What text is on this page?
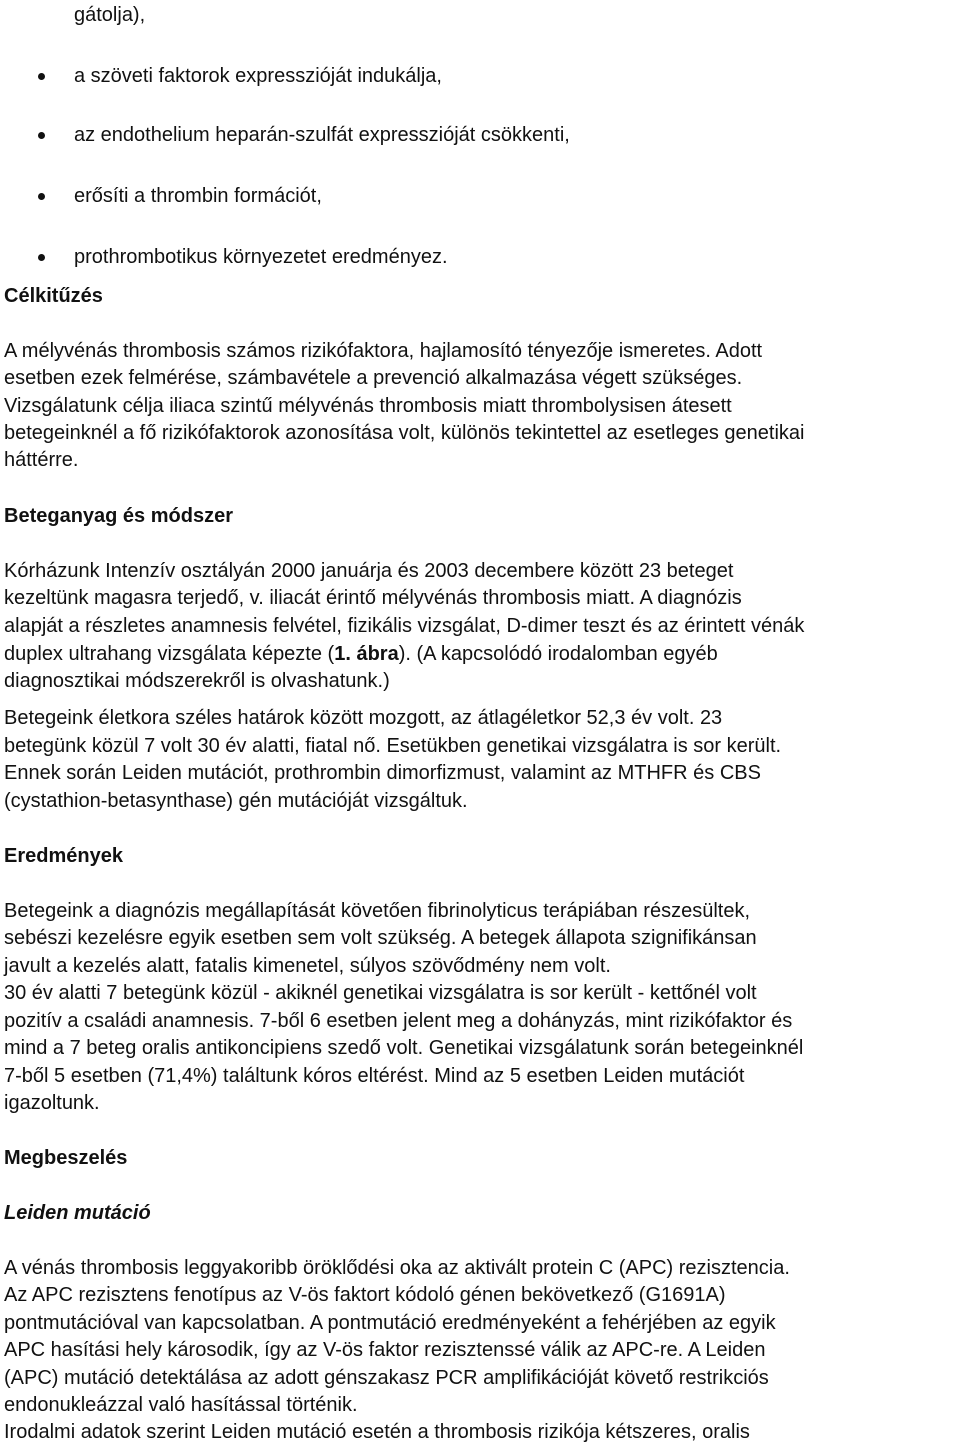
gátolja),
a szöveti faktorok expresszióját indukálja,
az endothelium heparán-szulfát expresszióját csökkenti,
erősíti a thrombin formációt,
prothrombotikus környezetet eredményez.
Célkitűzés
A mélyvénás thrombosis számos rizikófaktora, hajlamosító tényezője ismeretes. Adott
esetben ezek felmérése, számbavétele a prevenció alkalmazása végett szükséges.
Vizsgálatunk célja iliaca szintű mélyvénás thrombosis miatt thrombolysisen átesett
betegeinknél a fő rizikófaktorok azonosítása volt, különös tekintettel az esetleges genetikai
háttérre.
Beteganyag és módszer
Kórházunk Intenzív osztályán 2000 januárja és 2003 decembere között 23 beteget
kezeltünk magasra terjedő, v. iliacát érintő mélyvénás thrombosis miatt. A diagnózis
alapját a részletes anamnesis felvétel, fizikális vizsgálat, D-dimer teszt és az érintett vénák
duplex ultrahang vizsgálata képezte (1. ábra). (A kapcsolódó irodalomban egyéb
diagnosztikai módszerekről is olvashatunk.)
Betegeink életkora széles határok között mozgott, az átlagéletkor 52,3 év volt. 23
betegünk közül 7 volt 30 év alatti, fiatal nő. Esetükben genetikai vizsgálatra is sor került.
Ennek során Leiden mutációt, prothrombin dimorfizmust, valamint az MTHFR és CBS
(cystathion-betasynthase) gén mutációját vizsgáltuk.
Eredmények
Betegeink a diagnózis megállapítását követően fibrinolyticus terápiában részesültek,
sebészi kezelésre egyik esetben sem volt szükség. A betegek állapota szignifikánsan
javult a kezelés alatt, fatalis kimenetel, súlyos szövődmény nem volt.
30 év alatti 7 betegünk közül - akiknél genetikai vizsgálatra is sor került - kettőnél volt
pozitív a családi anamnesis. 7-ből 6 esetben jelent meg a dohányzás, mint rizikófaktor és
mind a 7 beteg oralis antikoncipiens szedő volt. Genetikai vizsgálatunk során betegeinknél
7-ből 5 esetben (71,4%) találtunk kóros eltérést. Mind az 5 esetben Leiden mutációt
igazoltunk.
Megbeszelés
Leiden mutáció
A vénás thrombosis leggyakoribb öröklődési oka az aktivált protein C (APC) rezisztencia.
Az APC rezisztens fenotípus az V-ös faktort kódoló génen bekövetkező (G1691A)
pontmutációval van kapcsolatban. A pontmutáció eredményeként a fehérjében az egyik
APC hasítási hely károsodik, így az V-ös faktor rezisztenssé válik az APC-re. A Leiden
(APC) mutáció detektálása az adott génszakasz PCR amplifikációját követő restrikciós
endonukleázzal való hasítással történik.
Irodalmi adatok szerint Leiden mutáció esetén a thrombosis rizikója kétszeres, oralis
